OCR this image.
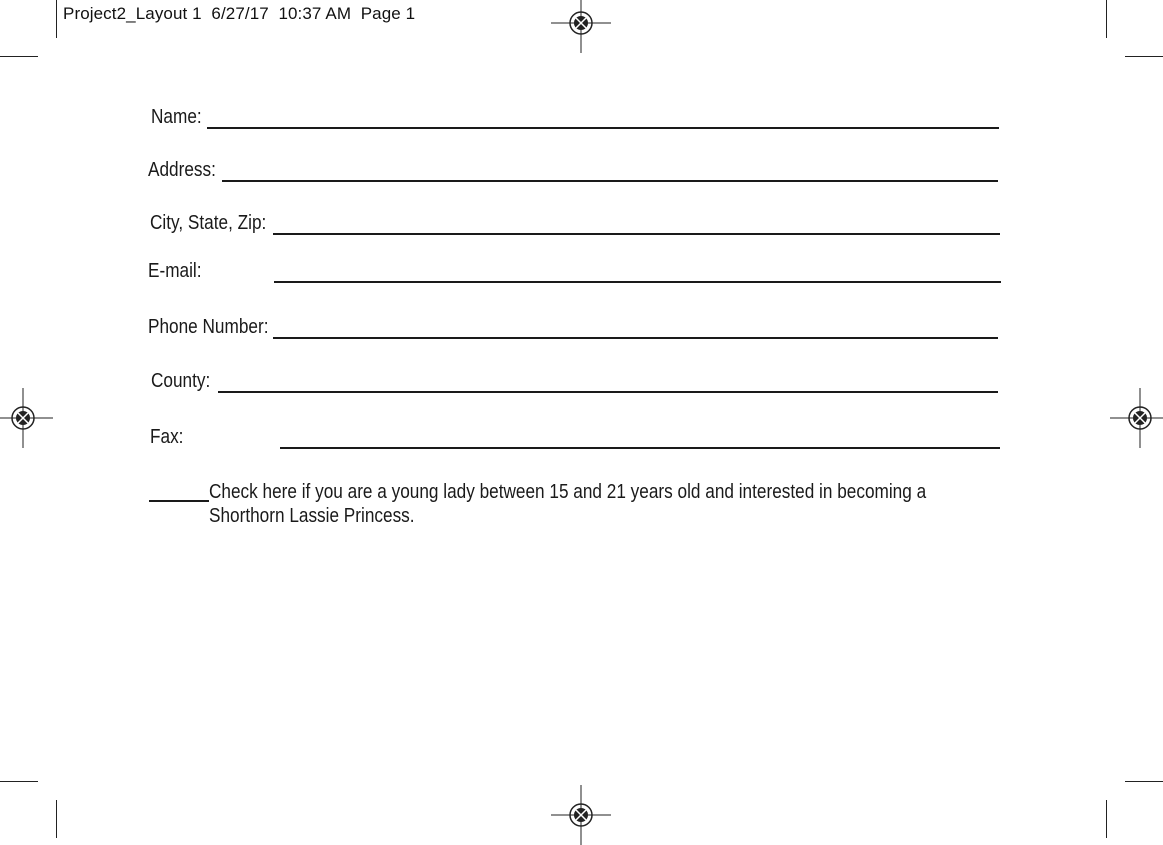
Project2_Layout 1  6/27/17  10:37 AM  Page 1
Name:
Address:
City, State, Zip:
E-mail:
Phone Number:
County:
Fax:
Check here if you are a young lady between 15 and 21 years old and interested in becoming a Shorthorn Lassie Princess.
